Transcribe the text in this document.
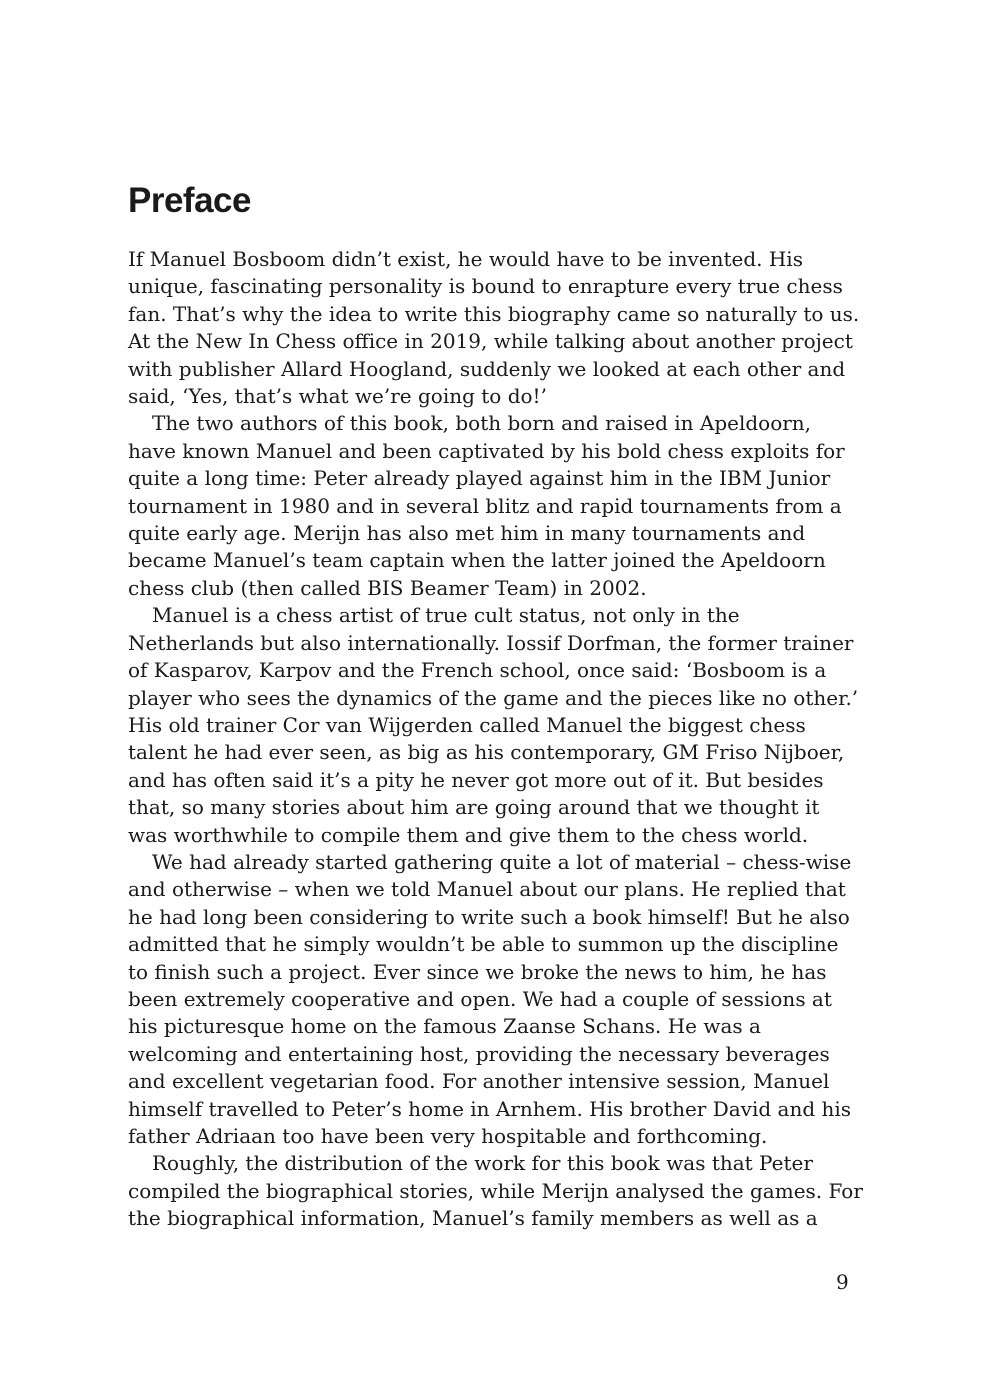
Preface

If Manuel Bosboom didn’t exist, he would have to be invented. His unique, fascinating personality is bound to enrapture every true chess fan. That’s why the idea to write this biography came so naturally to us. At the New In Chess office in 2019, while talking about another project with publisher Allard Hoogland, suddenly we looked at each other and said, ‘Yes, that’s what we’re going to do!’

The two authors of this book, both born and raised in Apeldoorn, have known Manuel and been captivated by his bold chess exploits for quite a long time: Peter already played against him in the IBM Junior tournament in 1980 and in several blitz and rapid tournaments from a quite early age. Merijn has also met him in many tournaments and became Manuel’s team captain when the latter joined the Apeldoorn chess club (then called BIS Beamer Team) in 2002.

Manuel is a chess artist of true cult status, not only in the Netherlands but also internationally. Iossif Dorfman, the former trainer of Kasparov, Karpov and the French school, once said: ‘Bosboom is a player who sees the dynamics of the game and the pieces like no other.’ His old trainer Cor van Wijgerden called Manuel the biggest chess talent he had ever seen, as big as his contemporary, GM Friso Nijboer, and has often said it’s a pity he never got more out of it. But besides that, so many stories about him are going around that we thought it was worthwhile to compile them and give them to the chess world.

We had already started gathering quite a lot of material – chess-wise and otherwise – when we told Manuel about our plans. He replied that he had long been considering to write such a book himself! But he also admitted that he simply wouldn’t be able to summon up the discipline to finish such a project. Ever since we broke the news to him, he has been extremely cooperative and open. We had a couple of sessions at his picturesque home on the famous Zaanse Schans. He was a welcoming and entertaining host, providing the necessary beverages and excellent vegetarian food. For another intensive session, Manuel himself travelled to Peter’s home in Arnhem. His brother David and his father Adriaan too have been very hospitable and forthcoming.

Roughly, the distribution of the work for this book was that Peter compiled the biographical stories, while Merijn analysed the games. For the biographical information, Manuel’s family members as well as a

9
